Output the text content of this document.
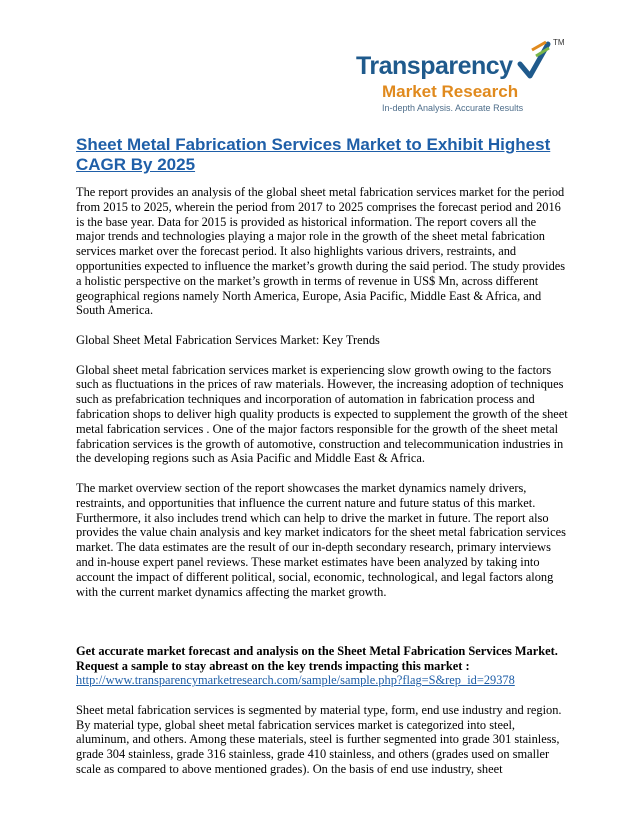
TM
Transparency
Market Research
In-depth Analysis. Accurate Results
Sheet Metal Fabrication Services Market to Exhibit Highest CAGR By 2025

The report provides an analysis of the global sheet metal fabrication services market for the period from 2015 to 2025, wherein the period from 2017 to 2025 comprises the forecast period and 2016 is the base year. Data for 2015 is provided as historical information. The report covers all the major trends and technologies playing a major role in the growth of the sheet metal fabrication services market over the forecast period. It also highlights various drivers, restraints, and opportunities expected to influence the market’s growth during the said period. The study provides a holistic perspective on the market’s growth in terms of revenue in US$ Mn, across different geographical regions namely North America, Europe, Asia Pacific, Middle East & Africa, and South America.

Global Sheet Metal Fabrication Services Market: Key Trends

Global sheet metal fabrication services market is experiencing slow growth owing to the factors such as fluctuations in the prices of raw materials. However, the increasing adoption of techniques such as prefabrication techniques and incorporation of automation in fabrication process and fabrication shops to deliver high quality products is expected to supplement the growth of the sheet metal fabrication services . One of the major factors responsible for the growth of the sheet metal fabrication services is the growth of automotive, construction and telecommunication industries in the developing regions such as Asia Pacific and Middle East & Africa.

The market overview section of the report showcases the market dynamics namely drivers, restraints, and opportunities that influence the current nature and future status of this market. Furthermore, it also includes trend which can help to drive the market in future. The report also provides the value chain analysis and key market indicators for the sheet metal fabrication services market. The data estimates are the result of our in-depth secondary research, primary interviews and in-house expert panel reviews. These market estimates have been analyzed by taking into account the impact of different political, social, economic, technological, and legal factors along with the current market dynamics affecting the market growth.

Get accurate market forecast and analysis on the Sheet Metal Fabrication Services Market. Request a sample to stay abreast on the key trends impacting this market :

http://www.transparencymarketresearch.com/sample/sample.php?flag=S&rep_id=29378

Sheet metal fabrication services is segmented by material type, form, end use industry and region. By material type, global sheet metal fabrication services market is categorized into steel, aluminum, and others. Among these materials, steel is further segmented into grade 301 stainless, grade 304 stainless, grade 316 stainless, grade 410 stainless, and others (grades used on smaller scale as compared to above mentioned grades). On the basis of end use industry, sheet
